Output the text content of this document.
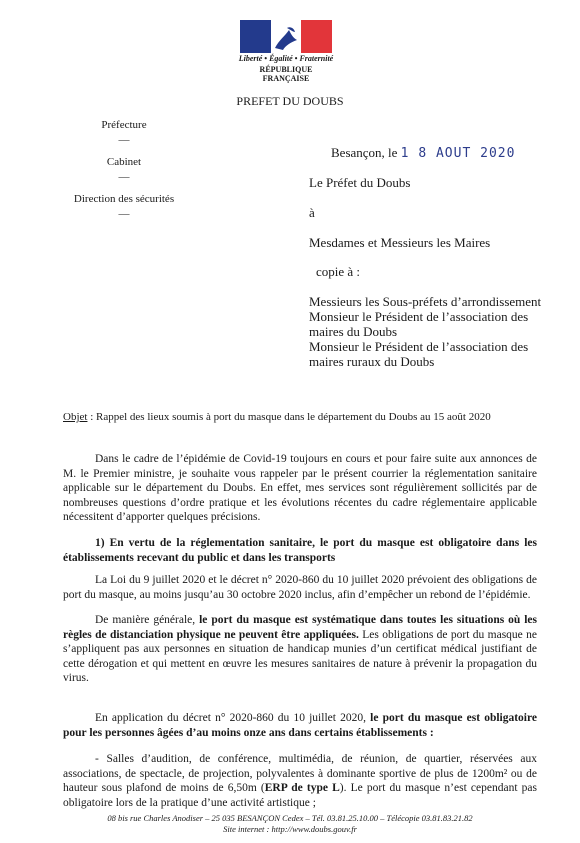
Liberté • Égalité • Fraternité
RÉPUBLIQUE FRANÇAISE
PREFET DU DOUBS
Préfecture
—
Cabinet
—
Direction des sécurités
—
Besançon, le 1 8 AOUT 2020
Le Préfet du Doubs
à
Mesdames et Messieurs les Maires
copie à :
Messieurs les Sous-préfets d’arrondissement
Monsieur le Président de l’association des
maires du Doubs
Monsieur le Président de l’association des
maires ruraux du Doubs
Objet : Rappel des lieux soumis à port du masque dans le département du Doubs au 15 août 2020
Dans le cadre de l’épidémie de Covid-19 toujours en cours et pour faire suite aux annonces de M. le Premier ministre, je souhaite vous rappeler par le présent courrier la réglementation sanitaire applicable sur le département du Doubs. En effet, mes services sont régulièrement sollicités par de nombreuses questions d’ordre pratique et les évolutions récentes du cadre réglementaire applicable nécessitent d’apporter quelques précisions.
1) En vertu de la réglementation sanitaire, le port du masque est obligatoire dans les établissements recevant du public et dans les transports
La Loi du 9 juillet 2020 et le décret n° 2020-860 du 10 juillet 2020 prévoient des obligations de port du masque, au moins jusqu’au 30 octobre 2020 inclus, afin d’empêcher un rebond de l’épidémie.
De manière générale, le port du masque est systématique dans toutes les situations où les règles de distanciation physique ne peuvent être appliquées. Les obligations de port du masque ne s’appliquent pas aux personnes en situation de handicap munies d’un certificat médical justifiant de cette dérogation et qui mettent en œuvre les mesures sanitaires de nature à prévenir la propagation du virus.
En application du décret n° 2020-860 du 10 juillet 2020, le port du masque est obligatoire pour les personnes âgées d’au moins onze ans dans certains établissements :
- Salles d’audition, de conférence, multimédia, de réunion, de quartier, réservées aux associations, de spectacle, de projection, polyvalentes à dominante sportive de plus de 1200m² ou de hauteur sous plafond de moins de 6,50m (ERP de type L). Le port du masque n’est cependant pas obligatoire lors de la pratique d’une activité artistique ;
08 bis rue Charles Anodiser – 25 035 BESANÇON Cedex – Tél. 03.81.25.10.00 – Télécopie 03.81.83.21.82
Site internet : http://www.doubs.gouv.fr
